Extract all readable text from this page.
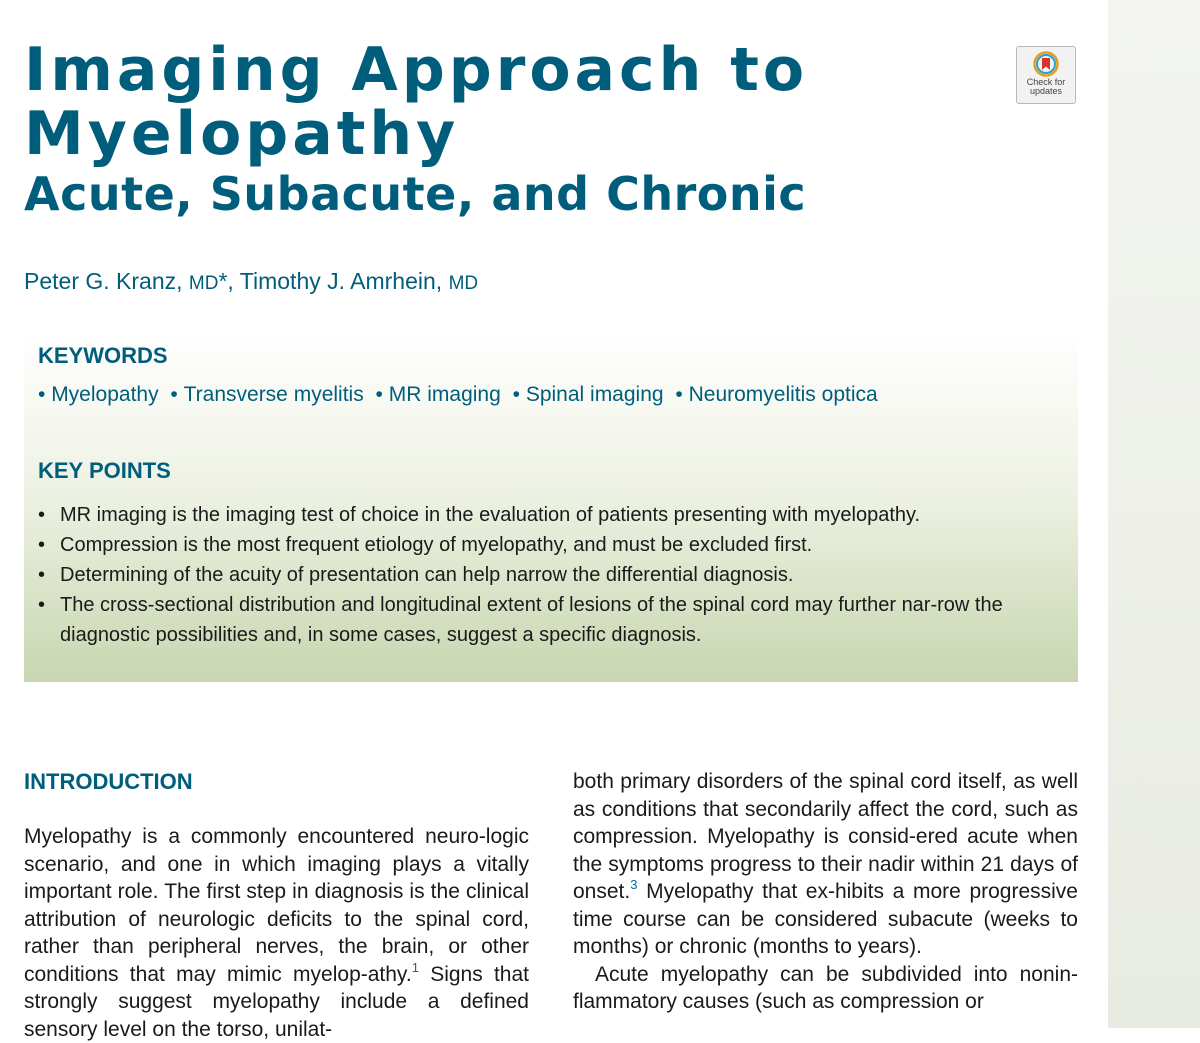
Imaging Approach to Myelopathy
Acute, Subacute, and Chronic
Check for updates
Peter G. Kranz, MD*, Timothy J. Amrhein, MD
KEYWORDS
• Myelopathy • Transverse myelitis • MR imaging • Spinal imaging • Neuromyelitis optica
KEY POINTS
• MR imaging is the imaging test of choice in the evaluation of patients presenting with myelopathy.
• Compression is the most frequent etiology of myelopathy, and must be excluded first.
• Determining of the acuity of presentation can help narrow the differential diagnosis.
• The cross-sectional distribution and longitudinal extent of lesions of the spinal cord may further nar-row the diagnostic possibilities and, in some cases, suggest a specific diagnosis.
INTRODUCTION

Myelopathy is a commonly encountered neuro-logic scenario, and one in which imaging plays a vitally important role. The first step in diagnosis is the clinical attribution of neurologic deficits to the spinal cord, rather than peripheral nerves, the brain, or other conditions that may mimic myelop-athy.$^1$ Signs that strongly suggest myelopathy include a defined sensory level on the torso, unilat-

both primary disorders of the spinal cord itself, as well as conditions that secondarily affect the cord, such as compression. Myelopathy is consid-ered acute when the symptoms progress to their nadir within 21 days of onset.$^3$ Myelopathy that ex-hibits a more progressive time course can be considered subacute (weeks to months) or chronic (months to years).

Acute myelopathy can be subdivided into nonin-flammatory causes (such as compression or
